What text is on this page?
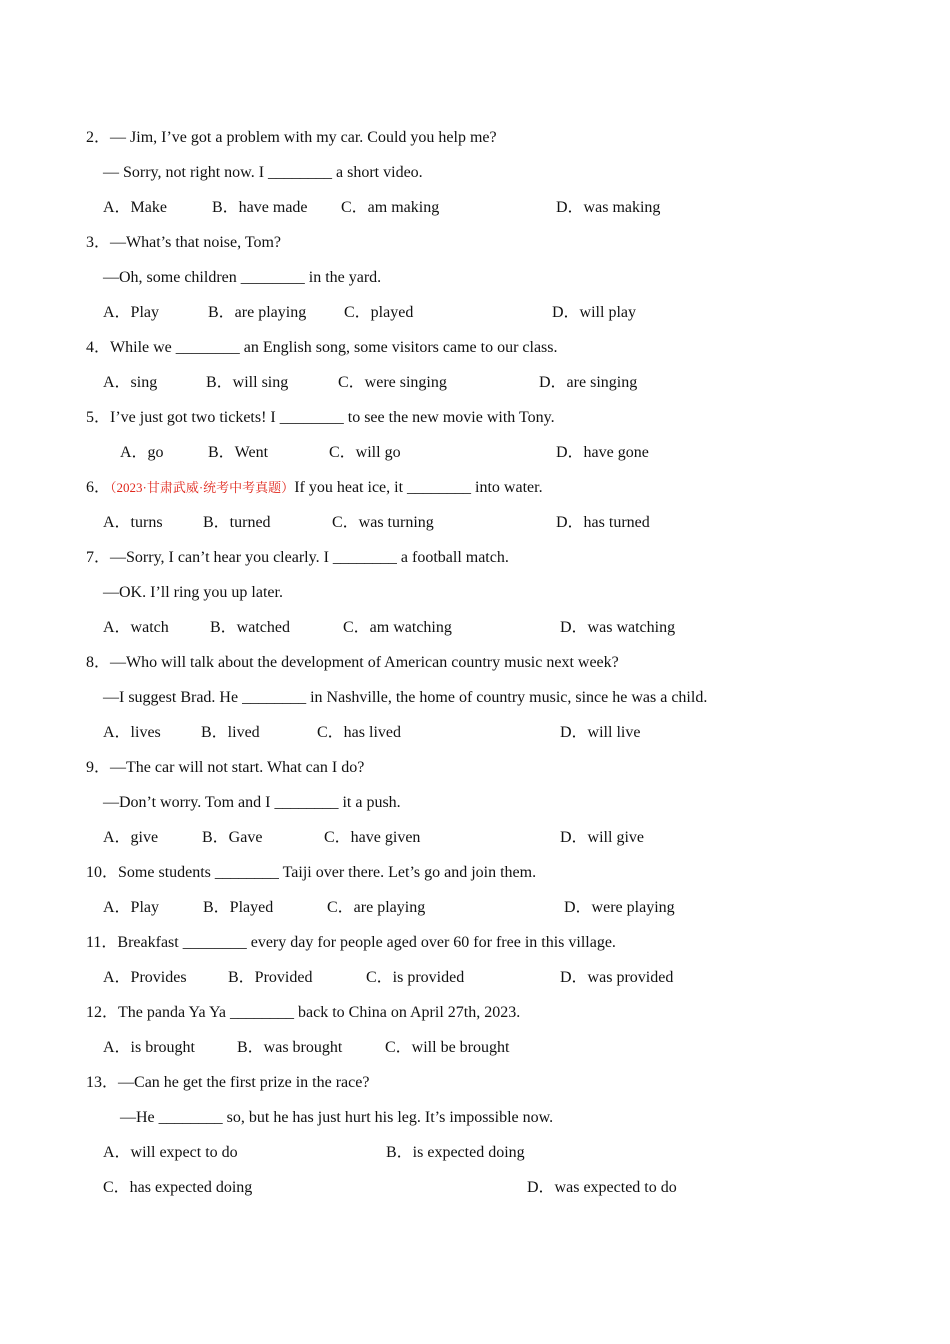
2．— Jim, I’ve got a problem with my car. Could you help me?
— Sorry, not right now. I ________ a short video.
A．Make	B．have made C．am making	D．was making
3．—What’s that noise, Tom?
—Oh, some children ________ in the yard.
A．Play	B．are playing C．played	D．will play
4．While we ________ an English song, some visitors came to our class.
A．sing	B．will sing	C．were singing	D．are singing
5．I’ve just got two tickets! I ________ to see the new movie with Tony.
A．go	B．Went	C．will go	D．have gone
6．（2023·甘肃武威·统考中考真题）If you heat ice, it ________ into water.
A．turns	B．turned	C．was turning	D．has turned
7．—Sorry, I can’t hear you clearly. I ________ a football match.
—OK. I’ll ring you up later.
A．watch	B．watched	C．am watching	D．was watching
8．—Who will talk about the development of American country music next week?
—I suggest Brad. He ________ in Nashville, the home of country music, since he was a child.
A．lives	B．lived	C．has lived	D．will live
9．—The car will not start. What can I do?
—Don’t worry. Tom and I ________ it a push.
A．give	B．Gave	C．have given	D．will give
10．Some students ________ Taiji over there. Let’s go and join them.
A．Play	B．Played	C．are playing	D．were playing
11．Breakfast ________ every day for people aged over 60 for free in this village.
A．Provides	B．Provided	C．is provided	D．was provided
12．The panda Ya Ya ________ back to China on April 27th, 2023.
A．is brought	B．was brought	C．will be brought
13．—Can he get the first prize in the race?
—He ________ so, but he has just hurt his leg. It’s impossible now.
A．will expect to do	B．is expected doing
C．has expected doing	D．was expected to do
